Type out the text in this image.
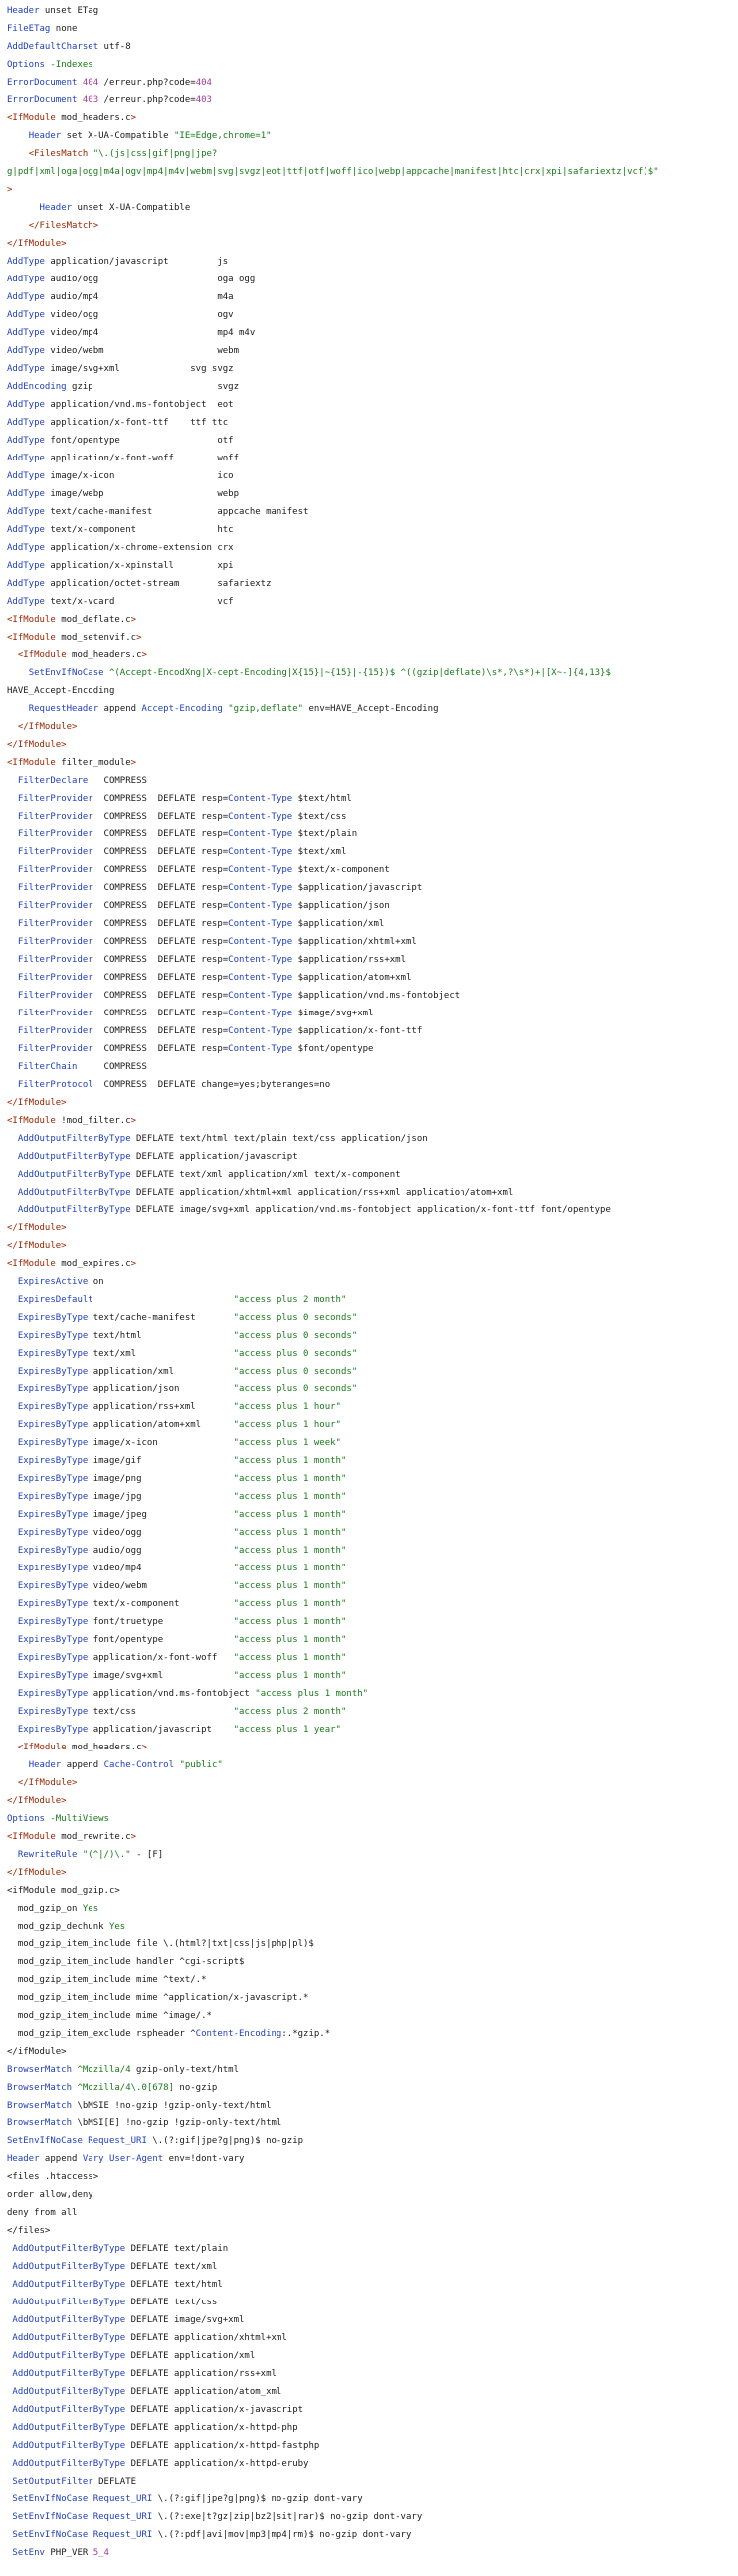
Header unset ETag
FileETag none
AddDefaultCharset utf-8
Options -Indexes
ErrorDocument 404 /erreur.php?code=404
ErrorDocument 403 /erreur.php?code=403
<IfModule mod_headers.c>
Header set X-UA-Compatible "IE=Edge,chrome=1"
<FilesMatch "\.(js|css|gif|png|jpe?
g|pdf|xml|oga|ogg|m4a|ogv|mp4|m4v|webm|svg|svgz|eot|ttf|otf|woff|ico|webp|appcache|manifest|htc|crx|xpi|safariextz|vcf)$"
>
Header unset X-UA-Compatible
</FilesMatch>
</IfModule>
AddType application/javascript         js
AddType audio/ogg                      oga ogg
AddType audio/mp4                      m4a
AddType video/ogg                      ogv
AddType video/mp4                      mp4 m4v
AddType video/webm                     webm
AddType image/svg+xml             svg svgz
AddEncoding gzip                       svgz
AddType application/vnd.ms-fontobject  eot
AddType application/x-font-ttf    ttf ttc
AddType font/opentype                  otf
AddType application/x-font-woff        woff
AddType image/x-icon                   ico
AddType image/webp                     webp
AddType text/cache-manifest            appcache manifest
AddType text/x-component               htc
AddType application/x-chrome-extension crx
AddType application/x-xpinstall        xpi
AddType application/octet-stream       safariextz
AddType text/x-vcard                   vcf
<IfModule mod_deflate.c>
<IfModule mod_setenvif.c>
<IfModule mod_headers.c>
SetEnvIfNoCase ^(Accept-EncodXng|X-cept-Encoding|X{15}|~{15}|-{15})$ ^((gzip|deflate)\s*,?\s*)+|[X~-]{4,13}$
HAVE_Accept-Encoding
RequestHeader append Accept-Encoding "gzip,deflate" env=HAVE_Accept-Encoding
</IfModule>
</IfModule>
<IfModule filter_module>
FilterDeclare   COMPRESS
FilterProvider  COMPRESS  DEFLATE resp=Content-Type $text/html
FilterProvider  COMPRESS  DEFLATE resp=Content-Type $text/css
FilterProvider  COMPRESS  DEFLATE resp=Content-Type $text/plain
FilterProvider  COMPRESS  DEFLATE resp=Content-Type $text/xml
FilterProvider  COMPRESS  DEFLATE resp=Content-Type $text/x-component
FilterProvider  COMPRESS  DEFLATE resp=Content-Type $application/javascript
FilterProvider  COMPRESS  DEFLATE resp=Content-Type $application/json
FilterProvider  COMPRESS  DEFLATE resp=Content-Type $application/xml
FilterProvider  COMPRESS  DEFLATE resp=Content-Type $application/xhtml+xml
FilterProvider  COMPRESS  DEFLATE resp=Content-Type $application/rss+xml
FilterProvider  COMPRESS  DEFLATE resp=Content-Type $application/atom+xml
FilterProvider  COMPRESS  DEFLATE resp=Content-Type $application/vnd.ms-fontobject
FilterProvider  COMPRESS  DEFLATE resp=Content-Type $image/svg+xml
FilterProvider  COMPRESS  DEFLATE resp=Content-Type $application/x-font-ttf
FilterProvider  COMPRESS  DEFLATE resp=Content-Type $font/opentype
FilterChain     COMPRESS
FilterProtocol  COMPRESS  DEFLATE change=yes;byteranges=no
</IfModule>
<IfModule !mod_filter.c>
AddOutputFilterByType DEFLATE text/html text/plain text/css application/json
AddOutputFilterByType DEFLATE application/javascript
AddOutputFilterByType DEFLATE text/xml application/xml text/x-component
AddOutputFilterByType DEFLATE application/xhtml+xml application/rss+xml application/atom+xml
AddOutputFilterByType DEFLATE image/svg+xml application/vnd.ms-fontobject application/x-font-ttf font/opentype
</IfModule>
</IfModule>
<IfModule mod_expires.c>
ExpiresActive on
ExpiresDefault	"access plus 2 month"
ExpiresByType text/cache-manifest       "access plus 0 seconds"
ExpiresByType text/html                 "access plus 0 seconds"
ExpiresByType text/xml                  "access plus 0 seconds"
ExpiresByType application/xml           "access plus 0 seconds"
ExpiresByType application/json          "access plus 0 seconds"
ExpiresByType application/rss+xml       "access plus 1 hour"
ExpiresByType application/atom+xml      "access plus 1 hour"
ExpiresByType image/x-icon              "access plus 1 week"
ExpiresByType image/gif                 "access plus 1 month"
ExpiresByType image/png                 "access plus 1 month"
ExpiresByType image/jpg                 "access plus 1 month"
ExpiresByType image/jpeg                "access plus 1 month"
ExpiresByType video/ogg                 "access plus 1 month"
ExpiresByType audio/ogg                 "access plus 1 month"
ExpiresByType video/mp4                 "access plus 1 month"
ExpiresByType video/webm                "access plus 1 month"
ExpiresByType text/x-component          "access plus 1 month"
ExpiresByType font/truetype             "access plus 1 month"
ExpiresByType font/opentype             "access plus 1 month"
ExpiresByType application/x-font-woff   "access plus 1 month"
ExpiresByType image/svg+xml             "access plus 1 month"
ExpiresByType application/vnd.ms-fontobject "access plus 1 month"
ExpiresByType text/css                  "access plus 2 month"
ExpiresByType application/javascript    "access plus 1 year"
<IfModule mod_headers.c>
Header append Cache-Control "public"
</IfModule>
</IfModule>
Options -MultiViews
<IfModule mod_rewrite.c>
RewriteRule "(^|/)\." - [F]
</IfModule>
<ifModule mod_gzip.c>
mod_gzip_on Yes
mod_gzip_dechunk Yes
mod_gzip_item_include file \.(html?|txt|css|js|php|pl)$
mod_gzip_item_include handler ^cgi-script$
mod_gzip_item_include mime ^text/.*
mod_gzip_item_include mime ^application/x-javascript.*
mod_gzip_item_include mime ^image/.*
mod_gzip_item_exclude rspheader ^Content-Encoding:.*gzip.*
</ifModule>
BrowserMatch ^Mozilla/4 gzip-only-text/html
BrowserMatch ^Mozilla/4\.0[678] no-gzip
BrowserMatch \bMSIE !no-gzip !gzip-only-text/html
BrowserMatch \bMSI[E] !no-gzip !gzip-only-text/html
SetEnvIfNoCase Request_URI \.(?:gif|jpe?g|png)$ no-gzip
Header append Vary User-Agent env=!dont-vary
<files .htaccess>
order allow,deny
deny from all
</files>
AddOutputFilterByType DEFLATE text/plain
AddOutputFilterByType DEFLATE text/xml
AddOutputFilterByType DEFLATE text/html
AddOutputFilterByType DEFLATE text/css
AddOutputFilterByType DEFLATE image/svg+xml
AddOutputFilterByType DEFLATE application/xhtml+xml
AddOutputFilterByType DEFLATE application/xml
AddOutputFilterByType DEFLATE application/rss+xml
AddOutputFilterByType DEFLATE application/atom_xml
AddOutputFilterByType DEFLATE application/x-javascript
AddOutputFilterByType DEFLATE application/x-httpd-php
AddOutputFilterByType DEFLATE application/x-httpd-fastphp
AddOutputFilterByType DEFLATE application/x-httpd-eruby
SetOutputFilter DEFLATE
SetEnvIfNoCase Request_URI \.(?:gif|jpe?g|png)$ no-gzip dont-vary
SetEnvIfNoCase Request_URI \.(?:exe|t?gz|zip|bz2|sit|rar)$ no-gzip dont-vary
SetEnvIfNoCase Request_URI \.(?:pdf|avi|mov|mp3|mp4|rm)$ no-gzip dont-vary
SetEnv PHP_VER 5_4
